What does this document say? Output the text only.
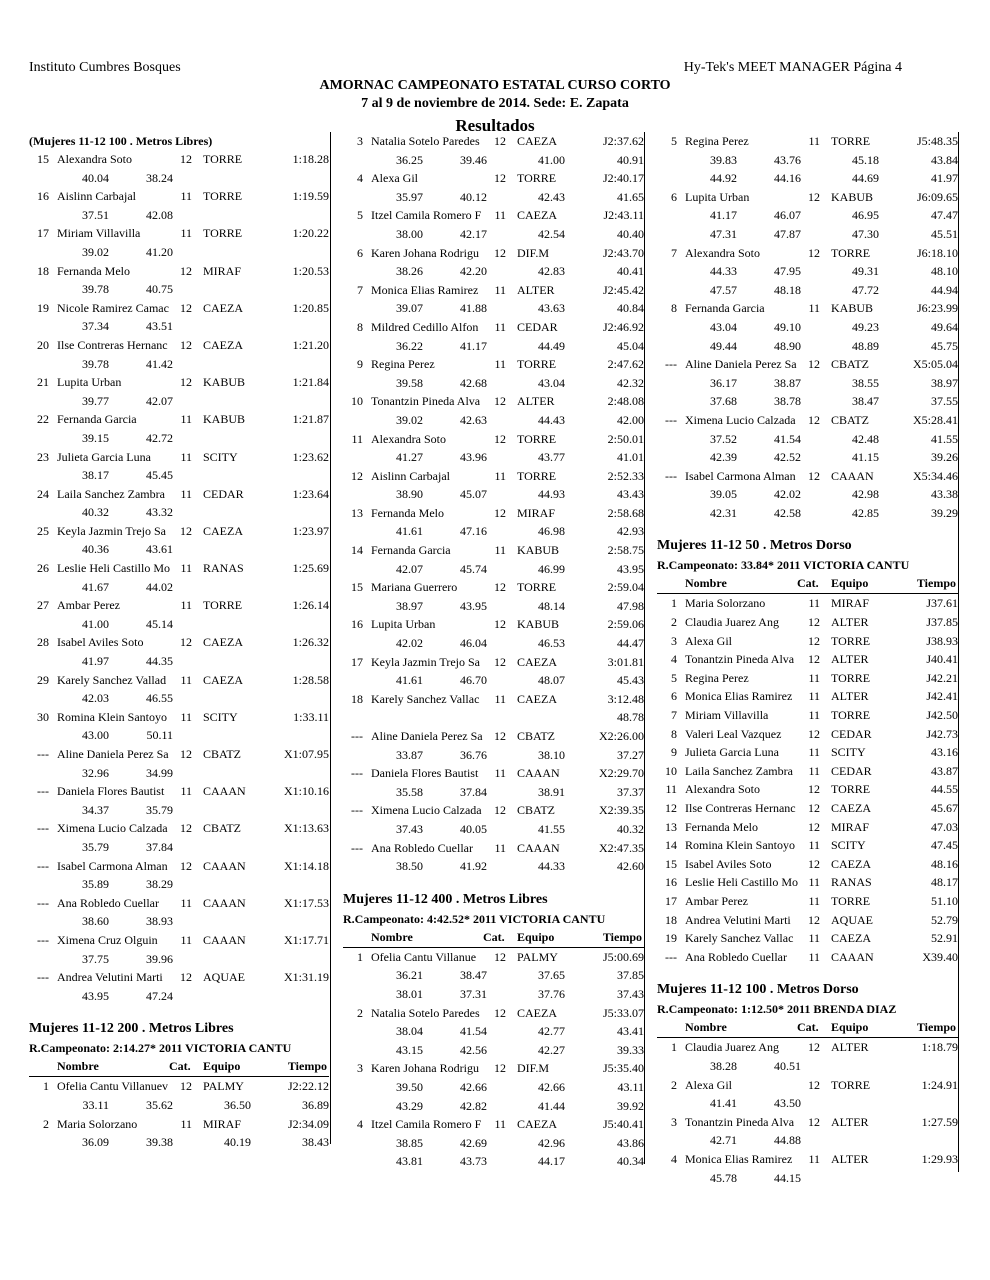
Instituto Cumbres Bosques	Hy-Tek's MEET MANAGER Página 4
AMORNAC CAMPEONATO ESTATAL CURSO CORTO
7 al 9 de noviembre de 2014. Sede: E. Zapata
Resultados
(Mujeres 11-12 100 . Metros Libres)
15 Alexandra Soto	12 TORRE	1:18.28
40.04	38.24
16 Aislinn Carbajal	11 TORRE	1:19.59
37.51	42.08
17 Miriam Villavilla	11 TORRE	1:20.22
39.02	41.20
18 Fernanda Melo	12 MIRAF	1:20.53
39.78	40.75
19 Nicole Ramirez Camac 12 CAEZA	1:20.85
37.34	43.51
20 Ilse Contreras Hernanc	12 CAEZA	1:21.20
39.78	41.42
21 Lupita Urban	12 KABUB	1:21.84
39.77	42.07
22 Fernanda Garcia	11 KABUB	1:21.87
39.15	42.72
23 Julieta Garcia Luna	11 SCITY	1:23.62
38.17	45.45
24 Laila Sanchez Zambra	11 CEDAR	1:23.64
40.32	43.32
25 Keyla Jazmin Trejo Sa	12 CAEZA	1:23.97
40.36	43.61
26 Leslie Heli Castillo Mo 11 RANAS	1:25.69
41.67	44.02
27 Ambar Perez	11 TORRE	1:26.14
41.00	45.14
28 Isabel Aviles Soto	12 CAEZA	1:26.32
41.97	44.35
29 Karely Sanchez Vallad	11 CAEZA	1:28.58
42.03	46.55
30 Romina Klein Santoyo	11 SCITY	1:33.11
43.00	50.11
--- Aline Daniela Perez Sa 12 CBATZ	X1:07.95
32.96	34.99
--- Daniela Flores Bautist	11 CAAAN	X1:10.16
34.37	35.79
--- Ximena Lucio Calzada	12 CBATZ	X1:13.63
35.79	37.84
--- Isabel Carmona Alman	12 CAAAN	X1:14.18
35.89	38.29
--- Ana Robledo Cuellar	11 CAAAN	X1:17.53
38.60	38.93
--- Ximena Cruz Olguin	11 CAAAN	X1:17.71
37.75	39.96
--- Andrea Velutini Marti	12 AQUAE	X1:31.19
43.95	47.24
Mujeres 11-12 200 . Metros Libres
R.Campeonato: 2:14.27* 2011 VICTORIA CANTU
Nombre	Cat. Equipo	Tiempo
1 Ofelia Cantu Villanuev 12 PALMY	J2:22.12
33.11	35.62	36.50	36.89
2 Maria Solorzano	11 MIRAF	J2:34.09
36.09	39.38	40.19	38.43
3 Natalia Sotelo Paredes	12 CAEZA	J2:37.62
36.25	39.46	41.00	40.91
4 Alexa Gil	12 TORRE	J2:40.17
35.97	40.12	42.43	41.65
5 Itzel Camila Romero F	11 CAEZA	J2:43.11
38.00	42.17	42.54	40.40
6 Karen Johana Rodrigu	12 DIF.M	J2:43.70
38.26	42.20	42.83	40.41
7 Monica Elias Ramirez	11 ALTER	J2:45.42
39.07	41.88	43.63	40.84
8 Mildred Cedillo Alfon	11 CEDAR	J2:46.92
36.22	41.17	44.49	45.04
9 Regina Perez	11 TORRE	2:47.62
39.58	42.68	43.04	42.32
10 Tonantzin Pineda Alva	12 ALTER	2:48.08
39.02	42.63	44.43	42.00
11 Alexandra Soto	12 TORRE	2:50.01
41.27	43.96	43.77	41.01
12 Aislinn Carbajal	11 TORRE	2:52.33
38.90	45.07	44.93	43.43
13 Fernanda Melo	12 MIRAF	2:58.68
41.61	47.16	46.98	42.93
14 Fernanda Garcia	11 KABUB	2:58.75
42.07	45.74	46.99	43.95
15 Mariana Guerrero	12 TORRE	2:59.04
38.97	43.95	48.14	47.98
16 Lupita Urban	12 KABUB	2:59.06
42.02	46.04	46.53	44.47
17 Keyla Jazmin Trejo Sa	12 CAEZA	3:01.81
41.61	46.70	48.07	45.43
18 Karely Sanchez Vallac	11 CAEZA	3:12.48
48.78
--- Aline Daniela Perez Sa 12 CBATZ	X2:26.00
33.87	36.76	38.10	37.27
--- Daniela Flores Bautist	11 CAAAN	X2:29.70
35.58	37.84	38.91	37.37
--- Ximena Lucio Calzada	12 CBATZ	X2:39.35
37.43	40.05	41.55	40.32
--- Ana Robledo Cuellar	11 CAAAN	X2:47.35
38.50	41.92	44.33	42.60
Mujeres 11-12 400 . Metros Libres
R.Campeonato: 4:42.52* 2011 VICTORIA CANTU
Nombre	Cat. Equipo	Tiempo
1 Ofelia Cantu Villanue	12 PALMY	J5:00.69
36.21	38.47	37.65	37.85
38.01	37.31	37.76	37.43
2 Natalia Sotelo Paredes	12 CAEZA	J5:33.07
38.04	41.54	42.77	43.41
43.15	42.56	42.27	39.33
3 Karen Johana Rodrigu	12 DIF.M	J5:35.40
39.50	42.66	42.66	43.11
43.29	42.82	41.44	39.92
4 Itzel Camila Romero F	11 CAEZA	J5:40.41
38.85	42.69	42.96	43.86
43.81	43.73	44.17	40.34
5 Regina Perez	11 TORRE	J5:48.35
39.83	43.76	45.18	43.84
44.92	44.16	44.69	41.97
6 Lupita Urban	12 KABUB	J6:09.65
41.17	46.07	46.95	47.47
47.31	47.87	47.30	45.51
7 Alexandra Soto	12 TORRE	J6:18.10
44.33	47.95	49.31	48.10
47.57	48.18	47.72	44.94
8 Fernanda Garcia	11 KABUB	J6:23.99
43.04	49.10	49.23	49.64
49.44	48.90	48.89	45.75
--- Aline Daniela Perez Sa 12 CBATZ	X5:05.04
36.17	38.87	38.55	38.97
37.68	38.78	38.47	37.55
--- Ximena Lucio Calzada	12 CBATZ	X5:28.41
37.52	41.54	42.48	41.55
42.39	42.52	41.15	39.26
--- Isabel Carmona Alman	12 CAAAN	X5:34.46
39.05	42.02	42.98	43.38
42.31	42.58	42.85	39.29
Mujeres 11-12 50 . Metros Dorso
R.Campeonato: 33.84* 2011 VICTORIA CANTU
Nombre	Cat. Equipo	Tiempo
1 Maria Solorzano	11 MIRAF	J37.61
2 Claudia Juarez Ang	12 ALTER	J37.85
3 Alexa Gil	12 TORRE	J38.93
4 Tonantzin Pineda Alva	12 ALTER	J40.41
5 Regina Perez	11 TORRE	J42.21
6 Monica Elias Ramirez	11 ALTER	J42.41
7 Miriam Villavilla	11 TORRE	J42.50
8 Valeri Leal Vazquez	12 CEDAR	J42.73
9 Julieta Garcia Luna	11 SCITY	43.16
10 Laila Sanchez Zambra	11 CEDAR	43.87
11 Alexandra Soto	12 TORRE	44.55
12 Ilse Contreras Hernanc	12 CAEZA	45.67
13 Fernanda Melo	12 MIRAF	47.03
14 Romina Klein Santoyo	11 SCITY	47.45
15 Isabel Aviles Soto	12 CAEZA	48.16
16 Leslie Heli Castillo Mo 11 RANAS	48.17
17 Ambar Perez	11 TORRE	51.10
18 Andrea Velutini Marti	12 AQUAE	52.79
19 Karely Sanchez Vallac	11 CAEZA	52.91
--- Ana Robledo Cuellar	11 CAAAN	X39.40
Mujeres 11-12 100 . Metros Dorso
R.Campeonato: 1:12.50* 2011 BRENDA DIAZ
Nombre	Cat. Equipo	Tiempo
1 Claudia Juarez Ang	12 ALTER	1:18.79
38.28	40.51
2 Alexa Gil	12 TORRE	1:24.91
41.41	43.50
3 Tonantzin Pineda Alva	12 ALTER	1:27.59
42.71	44.88
4 Monica Elias Ramirez	11 ALTER	1:29.93
45.78	44.15
